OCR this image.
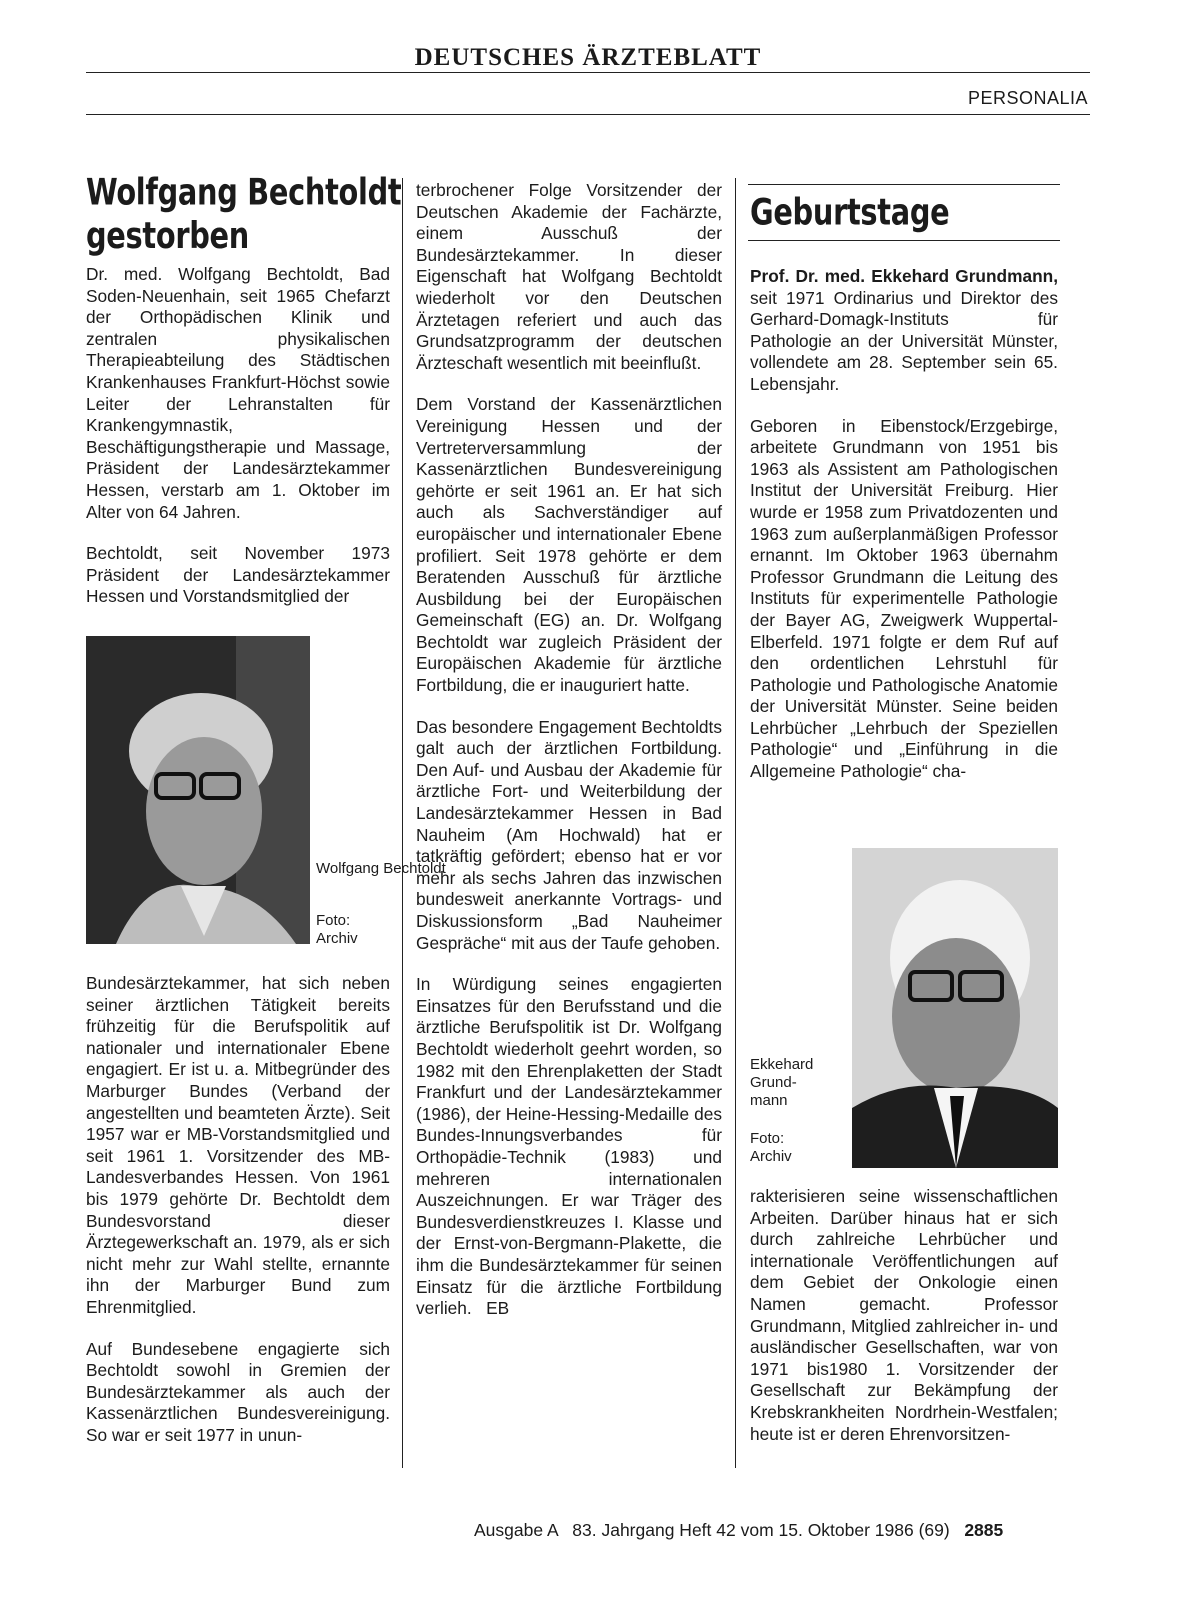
DEUTSCHES ÄRZTEBLATT
PERSONALIA
Wolfgang Bechtoldt
gestorben

Dr. med. Wolfgang Bechtoldt, Bad Soden-Neuenhain, seit 1965 Chefarzt der Orthopädischen Klinik und zentralen physikalischen Therapieabteilung des Städtischen Krankenhauses Frankfurt-Höchst sowie Leiter der Lehranstalten für Krankengymnastik, Beschäftigungstherapie und Massage, Präsident der Landesärztekammer Hessen, verstarb am 1. Oktober im Alter von 64 Jahren.

Bechtoldt, seit November 1973 Präsident der Landesärztekammer Hessen und Vorstandsmitglied der

Wolfgang Bechtoldt
Foto:
Archiv

Bundesärztekammer, hat sich neben seiner ärztlichen Tätigkeit bereits frühzeitig für die Berufspolitik auf nationaler und internationaler Ebene engagiert. Er ist u. a. Mitbegründer des Marburger Bundes (Verband der angestellten und beamteten Ärzte). Seit 1957 war er MB-Vorstandsmitglied und seit 1961 1. Vorsitzender des MB-Landesverbandes Hessen. Von 1961 bis 1979 gehörte Dr. Bechtoldt dem Bundesvorstand dieser Ärztegewerkschaft an. 1979, als er sich nicht mehr zur Wahl stellte, ernannte ihn der Marburger Bund zum Ehrenmitglied.

Auf Bundesebene engagierte sich Bechtoldt sowohl in Gremien der Bundesärztekammer als auch der Kassenärztlichen Bundesvereinigung. So war er seit 1977 in unun-

terbrochener Folge Vorsitzender der Deutschen Akademie der Fachärzte, einem Ausschuß der Bundesärztekammer. In dieser Eigenschaft hat Wolfgang Bechtoldt wiederholt vor den Deutschen Ärztetagen referiert und auch das Grundsatzprogramm der deutschen Ärzteschaft wesentlich mit beeinflußt.

Dem Vorstand der Kassenärztlichen Vereinigung Hessen und der Vertreterversammlung der Kassenärztlichen Bundesvereinigung gehörte er seit 1961 an. Er hat sich auch als Sachverständiger auf europäischer und internationaler Ebene profiliert. Seit 1978 gehörte er dem Beratenden Ausschuß für ärztliche Ausbildung bei der Europäischen Gemeinschaft (EG) an. Dr. Wolfgang Bechtoldt war zugleich Präsident der Europäischen Akademie für ärztliche Fortbildung, die er inauguriert hatte.

Das besondere Engagement Bechtoldts galt auch der ärztlichen Fortbildung. Den Auf- und Ausbau der Akademie für ärztliche Fort- und Weiterbildung der Landesärztekammer Hessen in Bad Nauheim (Am Hochwald) hat er tatkräftig gefördert; ebenso hat er vor mehr als sechs Jahren das inzwischen bundesweit anerkannte Vortrags- und Diskussionsform „Bad Nauheimer Gespräche“ mit aus der Taufe gehoben.

In Würdigung seines engagierten Einsatzes für den Berufsstand und die ärztliche Berufspolitik ist Dr. Wolfgang Bechtoldt wiederholt geehrt worden, so 1982 mit den Ehrenplaketten der Stadt Frankfurt und der Landesärztekammer (1986), der Heine-Hessing-Medaille des Bundes-Innungsverbandes für Orthopädie-Technik (1983) und mehreren internationalen Auszeichnungen. Er war Träger des Bundesverdienstkreuzes I. Klasse und der Ernst-von-Bergmann-Plakette, die ihm die Bundesärztekammer für seinen Einsatz für die ärztliche Fortbildung verlieh. EB

Geburtstage

Prof. Dr. med. Ekkehard Grundmann, seit 1971 Ordinarius und Direktor des Gerhard-Domagk-Instituts für Pathologie an der Universität Münster, vollendete am 28. September sein 65. Lebensjahr.

Geboren in Eibenstock/Erzgebirge, arbeitete Grundmann von 1951 bis 1963 als Assistent am Pathologischen Institut der Universität Freiburg. Hier wurde er 1958 zum Privatdozenten und 1963 zum außerplanmäßigen Professor ernannt. Im Oktober 1963 übernahm Professor Grundmann die Leitung des Instituts für experimentelle Pathologie der Bayer AG, Zweigwerk Wuppertal-Elberfeld. 1971 folgte er dem Ruf auf den ordentlichen Lehrstuhl für Pathologie und Pathologische Anatomie der Universität Münster. Seine beiden Lehrbücher „Lehrbuch der Speziellen Pathologie“ und „Einführung in die Allgemeine Pathologie“ cha-

Ekkehard
Grund-
mann
Foto:
Archiv

rakterisieren seine wissenschaftlichen Arbeiten. Darüber hinaus hat er sich durch zahlreiche Lehrbücher und internationale Veröffentlichungen auf dem Gebiet der Onkologie einen Namen gemacht. Professor Grundmann, Mitglied zahlreicher in- und ausländischer Gesellschaften, war von 1971 bis1980 1. Vorsitzender der Gesellschaft zur Bekämpfung der Krebskrankheiten Nordrhein-Westfalen; heute ist er deren Ehrenvorsitzen-

Ausgabe A   83. Jahrgang Heft 42 vom 15. Oktober 1986 (69) 2885
